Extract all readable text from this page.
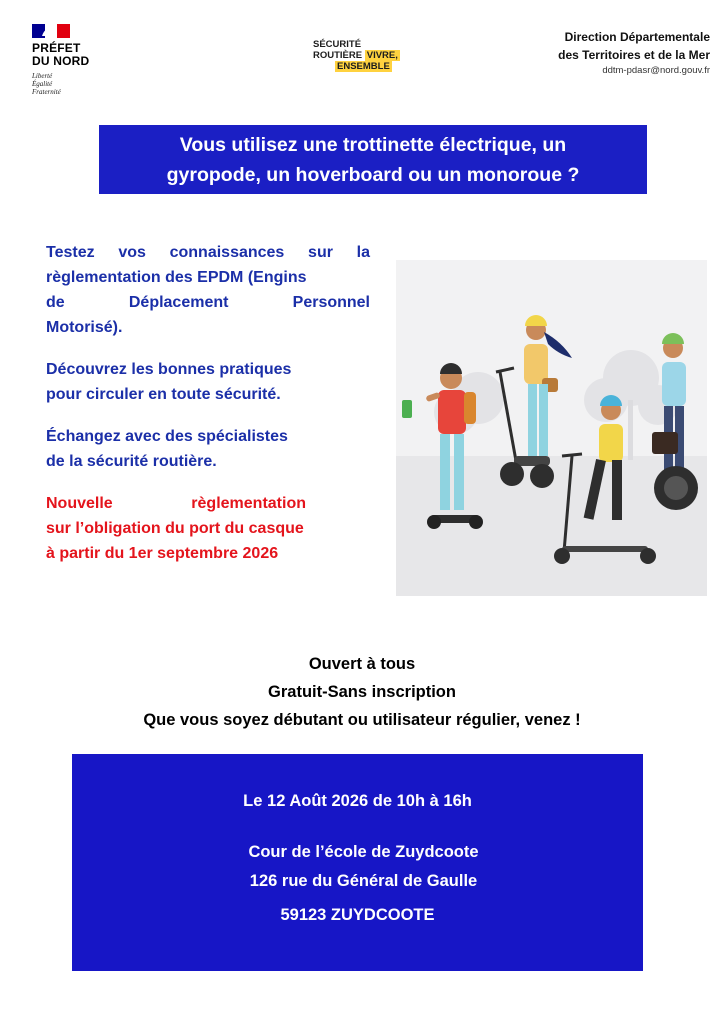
PRÉFET
DU NORD
Liberté
Égalité
Fraternité
SÉCURITÉ
ROUTIÈRE VIVRE,
ENSEMBLE
Direction Départementale
des Territoires et de la Mer
ddtm-pdasr@nord.gouv.fr
Vous utilisez une trottinette électrique, un
gyropode, un hoverboard ou un monoroue ?

Testez vos connaissances sur la
règlementation des EPDM (Engins
de Déplacement Personnel
Motorisé).

Découvrez les bonnes pratiques
pour circuler en toute sécurité.

Échangez avec des spécialistes
de la sécurité routière.

Nouvelle règlementation
sur l’obligation du port du casque
à partir du 1er septembre 2026

Ouvert à tous
Gratuit-Sans inscription
Que vous soyez débutant ou utilisateur régulier, venez !
Le 12 Août 2026 de 10h à 16h
Cour de l’école de Zuydcoote
126 rue du Général de Gaulle
59123 ZUYDCOOTE
